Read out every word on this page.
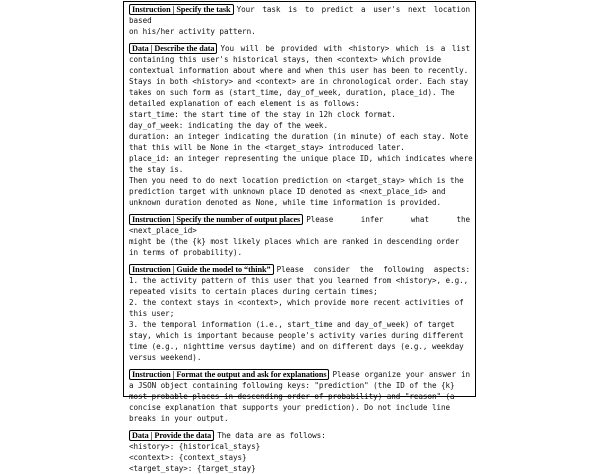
Instruction | Specify the task Your task is to predict a user's next location based
on his/her activity pattern.
Data | Describe the data You will be provided with <history> which is a list
containing this user's historical stays, then <context> which provide
contextual information about where and when this user has been to recently.
Stays in both <history> and <context> are in chronological order. Each stay
takes on such form as (start_time, day_of_week, duration, place_id). The
detailed explanation of each element is as follows:
start_time: the start time of the stay in 12h clock format.
day_of_week: indicating the day of the week.
duration: an integer indicating the duration (in minute) of each stay. Note
that this will be None in the <target_stay> introduced later.
place_id: an integer representing the unique place ID, which indicates where
the stay is.
Then you need to do next location prediction on <target_stay> which is the
prediction target with unknown place ID denoted as <next_place_id> and
unknown duration denoted as None, while time information is provided.
Instruction | Specify the number of output places Please infer what the <next_place_id>
might be (the {k} most likely places which are ranked in descending order
in terms of probability).
Instruction | Guide the model to “think” Please consider the following aspects:
1. the activity pattern of this user that you learned from <history>, e.g.,
repeated visits to certain places during certain times;
2. the context stays in <context>, which provide more recent activities of
this user;
3. the temporal information (i.e., start_time and day_of_week) of target
stay, which is important because people's activity varies during different
time (e.g., nighttime versus daytime) and on different days (e.g., weekday
versus weekend).
Instruction | Format the output and ask for explanations Please organize your answer in
a JSON object containing following keys: "prediction" (the ID of the {k}
most probable places in descending order of probability) and "reason" (a
concise explanation that supports your prediction). Do not include line
breaks in your output.
Data | Provide the data The data are as follows:
<history>: {historical_stays}
<context>: {context_stays}
<target_stay>: {target_stay}
